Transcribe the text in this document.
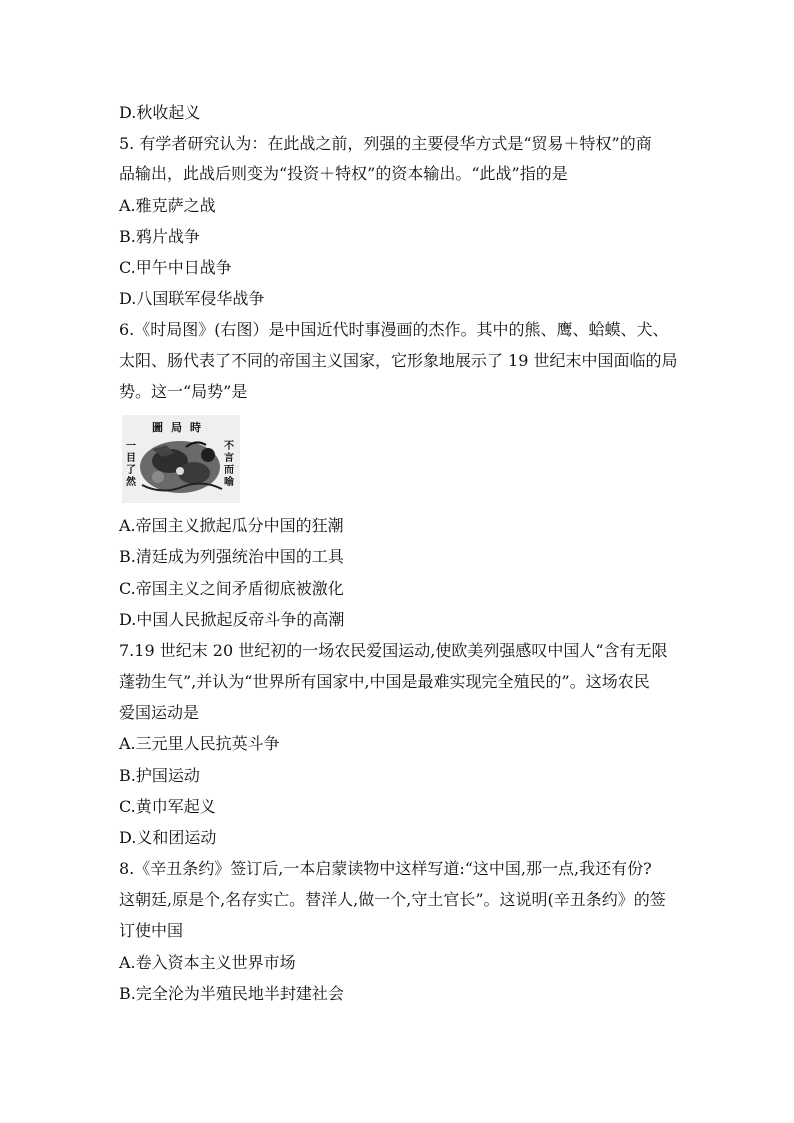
D.秋收起义
5. 有学者研究认为：在此战之前，列强的主要侵华方式是“贸易＋特权”的商
品输出，此战后则变为“投资＋特权”的资本输出。“此战”指的是
A.雅克萨之战
B.鸦片战争
C.甲午中日战争
D.八国联军侵华战争
6.《时局图》(右图）是中国近代时事漫画的杰作。其中的熊、鹰、蛤蟆、犬、
太阳、肠代表了不同的帝国主义国家，它形象地展示了 19 世纪末中国面临的局
势。这一“局势”是
圖局時
一目了然
不言而喻
A.帝国主义掀起瓜分中国的狂潮
B.清廷成为列强统治中国的工具
C.帝国主义之间矛盾彻底被激化
D.中国人民掀起反帝斗争的高潮
7.19 世纪末 20 世纪初的一场农民爱国运动,使欧美列强感叹中国人“含有无限
蓬勃生气”,并认为“世界所有国家中,中国是最难实现完全殖民的”。这场农民
爱国运动是
A.三元里人民抗英斗争
B.护国运动
C.黄巾军起义
D.义和团运动
8.《辛丑条约》签订后,一本启蒙读物中这样写道:“这中国,那一点,我还有份?
这朝廷,原是个,名存实亡。替洋人,做一个,守土官长”。这说明(辛丑条约》的签
订使中国
A.卷入资本主义世界市场
B.完全沦为半殖民地半封建社会
